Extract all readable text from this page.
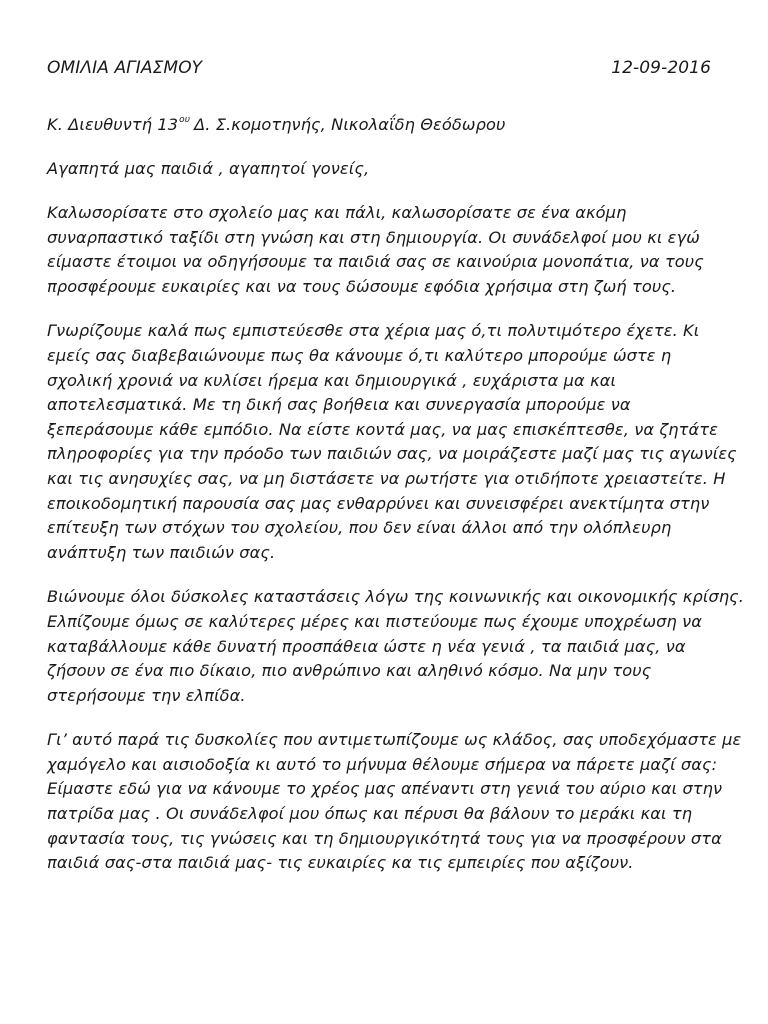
ΟΜΙΛΙΑ ΑΓΙΑΣΜΟΥ	12-09-2016
Κ. Διευθυντή $13^{o\upsilon}$ Δ. Σ.κομοτηνής, Νικολαΐδη Θεόδωρου
Αγαπητά μας παιδιά , αγαπητοί γονείς,
Καλωσορίσατε στο σχολείο μας και πάλι, καλωσορίσατε σε ένα ακόμη
συναρπαστικό ταξίδι στη γνώση και στη δημιουργία. Οι συνάδελφοί μου κι εγώ
είμαστε έτοιμοι να οδηγήσουμε τα παιδιά σας σε καινούρια μονοπάτια, να τους
προσφέρουμε ευκαιρίες και να τους δώσουμε εφόδια χρήσιμα στη ζωή τους.
Γνωρίζουμε καλά πως εμπιστεύεσθε στα χέρια μας ό,τι πολυτιμότερο έχετε. Κι
εμείς σας διαβεβαιώνουμε πως θα κάνουμε ό,τι καλύτερο μπορούμε ώστε η
σχολική χρονιά να κυλίσει ήρεμα και δημιουργικά , ευχάριστα μα και
αποτελεσματικά. Με τη δική σας βοήθεια και συνεργασία μπορούμε να
ξεπεράσουμε κάθε εμπόδιο. Να είστε κοντά μας, να μας επισκέπτεσθε, να ζητάτε
πληροφορίες για την πρόοδο των παιδιών σας, να μοιράζεστε μαζί μας τις αγωνίες
και τις ανησυχίες σας, να μη διστάσετε να ρωτήστε για οτιδήποτε χρειαστείτε. Η
εποικοδομητική παρουσία σας μας ενθαρρύνει και συνεισφέρει ανεκτίμητα στην
επίτευξη των στόχων του σχολείου, που δεν είναι άλλοι από την ολόπλευρη
ανάπτυξη των παιδιών σας.
Βιώνουμε όλοι δύσκολες καταστάσεις λόγω της κοινωνικής και οικονομικής κρίσης.
Ελπίζουμε όμως σε καλύτερες μέρες και πιστεύουμε πως έχουμε υποχρέωση να
καταβάλλουμε κάθε δυνατή προσπάθεια ώστε η νέα γενιά , τα παιδιά μας, να
ζήσουν σε ένα πιο δίκαιο, πιο ανθρώπινο και αληθινό κόσμο. Να μην τους
στερήσουμε την ελπίδα.
Γι’ αυτό παρά τις δυσκολίες που αντιμετωπίζουμε ως κλάδος, σας υποδεχόμαστε με
χαμόγελο και αισιοδοξία κι αυτό το μήνυμα θέλουμε σήμερα να πάρετε μαζί σας:
Είμαστε εδώ για να κάνουμε το χρέος μας απέναντι στη γενιά του αύριο και στην
πατρίδα μας . Οι συνάδελφοί μου όπως και πέρυσι θα βάλουν το μεράκι και τη
φαντασία τους, τις γνώσεις και τη δημιουργικότητά τους για να προσφέρουν στα
παιδιά σας-στα παιδιά μας- τις ευκαιρίες κα τις εμπειρίες που αξίζουν.
